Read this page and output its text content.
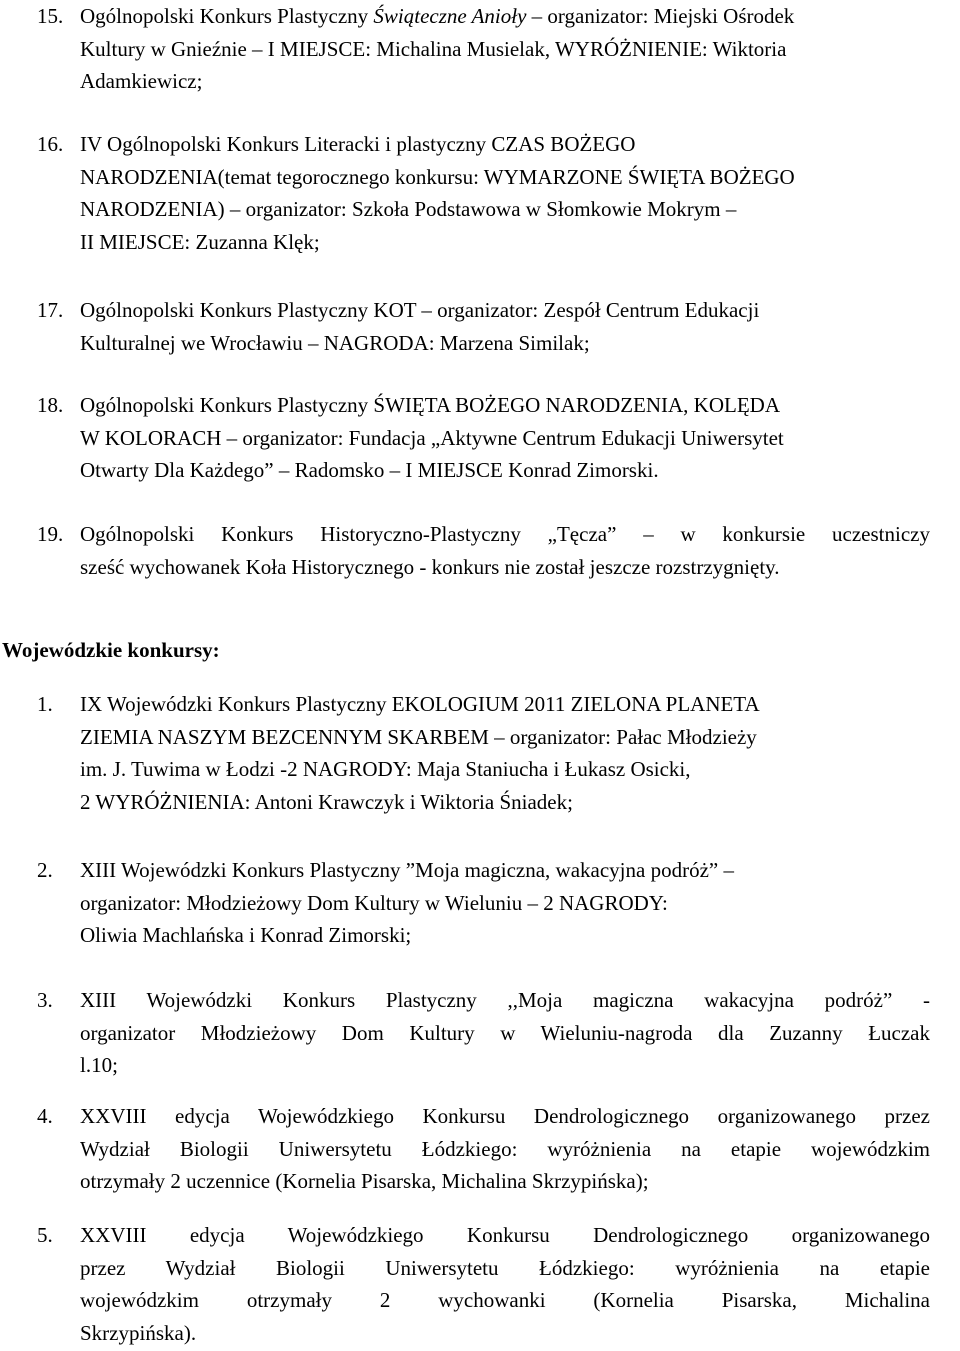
15. Ogólnopolski Konkurs Plastyczny Świąteczne Anioły – organizator: Miejski Ośrodek
Kultury w Gnieźnie – I MIEJSCE: Michalina Musielak, WYRÓŻNIENIE: Wiktoria
Adamkiewicz;
16. IV Ogólnopolski Konkurs Literacki i plastyczny CZAS BOŻEGO
NARODZENIA(temat tegorocznego konkursu: WYMARZONE ŚWIĘTA BOŻEGO
NARODZENIA) – organizator: Szkoła Podstawowa w Słomkowie Mokrym –
II MIEJSCE: Zuzanna Klęk;
17. Ogólnopolski Konkurs Plastyczny KOT – organizator: Zespół Centrum Edukacji
Kulturalnej we Wrocławiu – NAGRODA: Marzena Similak;
18. Ogólnopolski Konkurs Plastyczny ŚWIĘTA BOŻEGO NARODZENIA, KOLĘDA
W KOLORACH – organizator: Fundacja „Aktywne Centrum Edukacji Uniwersytet
Otwarty Dla Każdego” – Radomsko – I MIEJSCE Konrad Zimorski.
19. Ogólnopolski Konkurs Historyczno-Plastyczny „Tęcza” – w konkursie uczestniczy
sześć wychowanek Koła Historycznego - konkurs nie został jeszcze rozstrzygnięty.
Wojewódzkie konkursy:
1. IX Wojewódzki Konkurs Plastyczny EKOLOGIUM 2011 ZIELONA PLANETA
ZIEMIA NASZYM BEZCENNYM SKARBEM – organizator: Pałac Młodzieży
im. J. Tuwima w Łodzi -2 NAGRODY: Maja Staniucha i Łukasz Osicki,
2 WYRÓŻNIENIA: Antoni Krawczyk i Wiktoria Śniadek;
2. XIII Wojewódzki Konkurs Plastyczny ”Moja magiczna, wakacyjna podróż” –
organizator: Młodzieżowy Dom Kultury w Wieluniu – 2 NAGRODY:
Oliwia Machlańska i Konrad Zimorski;
3. XIII Wojewódzki Konkurs Plastyczny ,,Moja magiczna wakacyjna podróż” -
organizator Młodzieżowy Dom Kultury w Wieluniu-nagroda dla Zuzanny Łuczak
l.10;
4. XXVIII edycja Wojewódzkiego Konkursu Dendrologicznego organizowanego przez
Wydział Biologii Uniwersytetu Łódzkiego: wyróżnienia na etapie wojewódzkim
otrzymały 2 uczennice (Kornelia Pisarska, Michalina Skrzypińska);
5. XXVIII edycja Wojewódzkiego Konkursu Dendrologicznego organizowanego
przez Wydział Biologii Uniwersytetu Łódzkiego: wyróżnienia na etapie
wojewódzkim otrzymały 2 wychowanki (Kornelia Pisarska, Michalina
Skrzypińska).
